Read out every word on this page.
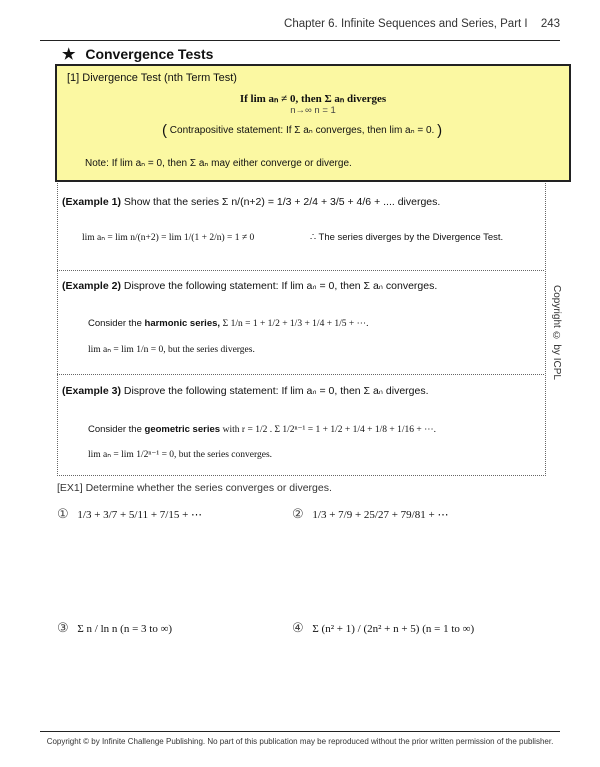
Chapter 6. Infinite Sequences and Series, Part I 243
★ Convergence Tests
[1] Divergence Test (nth Term Test)
If lim aₙ ≠ 0, then Σ aₙ diverges
n→∞ n = 1
( Contrapositive statement: If Σ aₙ converges, then lim aₙ = 0. )
Note: If lim aₙ = 0, then Σ aₙ may either converge or diverge.
(Example 1) Show that the series Σ n/(n+2) = 1/3 + 2/4 + 3/5 + 4/6 + .... diverges.
lim aₙ = lim n/(n+2) = lim 1/(1 + 2/n) = 1 ≠ 0	∴ The series diverges by the Divergence Test.
(Example 2) Disprove the following statement: If lim aₙ = 0, then Σ aₙ converges.
Consider the harmonic series, Σ 1/n = 1 + 1/2 + 1/3 + 1/4 + 1/5 + ⋯.
lim aₙ = lim 1/n = 0, but the series diverges.
(Example 3) Disprove the following statement: If lim aₙ = 0, then Σ aₙ diverges.
Consider the geometric series with r = 1/2 . Σ 1/2ⁿ⁻¹ = 1 + 1/2 + 1/4 + 1/8 + 1/16 + ⋯.
lim aₙ = lim 1/2ⁿ⁻¹ = 0, but the series converges.
Copyright © by ICPL
[EX1] Determine whether the series converges or diverges.
① 1/3 + 3/7 + 5/11 + 7/15 + ⋯	② 1/3 + 7/9 + 25/27 + 79/81 + ⋯
③ Σ n / ln n (n = 3 to ∞)	④ Σ (n² + 1) / (2n² + n + 5) (n = 1 to ∞)
Copyright © by Infinite Challenge Publishing. No part of this publication may be reproduced without the prior written permission of the publisher.
